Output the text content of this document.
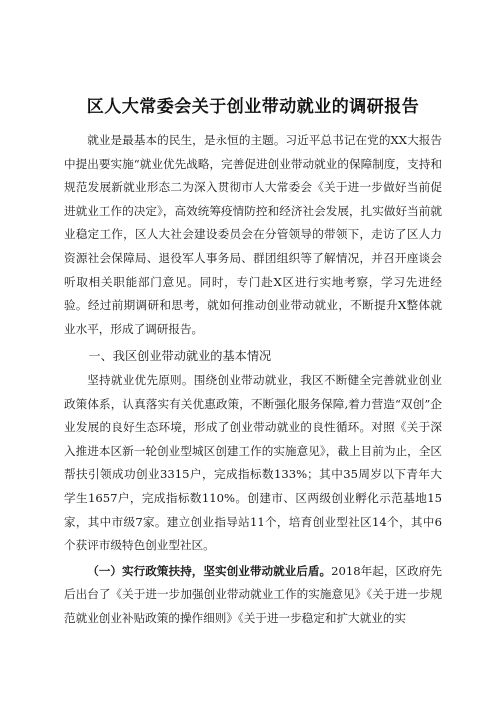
区人大常委会关于创业带动就业的调研报告

就业是最基本的民生，是永恒的主题。习近平总书记在党的XX大报告中提出要实施“就业优先战略，完善促进创业带动就业的保障制度，支持和规范发展新就业形态二为深入贯彻市人大常委会《关于进一步做好当前促进就业工作的决定》，高效统筹疫情防控和经济社会发展，扎实做好当前就业稳定工作，区人大社会建设委员会在分管领导的带领下，走访了区人力资源社会保障局、退役军人事务局、群团组织等了解情况，并召开座谈会听取相关职能部门意见。同时，专门赴X区进行实地考察，学习先进经验。经过前期调研和思考，就如何推动创业带动就业，不断提升X整体就业水平，形成了调研报告。

一、我区创业带动就业的基本情况

坚持就业优先原则。围绕创业带动就业，我区不断健全完善就业创业政策体系，认真落实有关优惠政策，不断强化服务保障,着力营造“双创”企业发展的良好生态环境，形成了创业带动就业的良性循环。对照《关于深入推进本区新一轮创业型城区创建工作的实施意见》，截上目前为止，全区帮扶引领成功创业3315户，完成指标数133%；其中35周岁以下青年大学生1657户，完成指标数110%。创建市、区两级创业孵化示范基地15家，其中市级7家。建立创业指导站11个，培育创业型社区14个，其中6个获评市级特色创业型社区。

（一）实行政策扶持，坚实创业带动就业后盾。2018年起，区政府先后出台了《关于进一步加强创业带动就业工作的实施意见》《关于进一步规范就业创业补贴政策的操作细则》《关于进一步稳定和扩大就业的实
